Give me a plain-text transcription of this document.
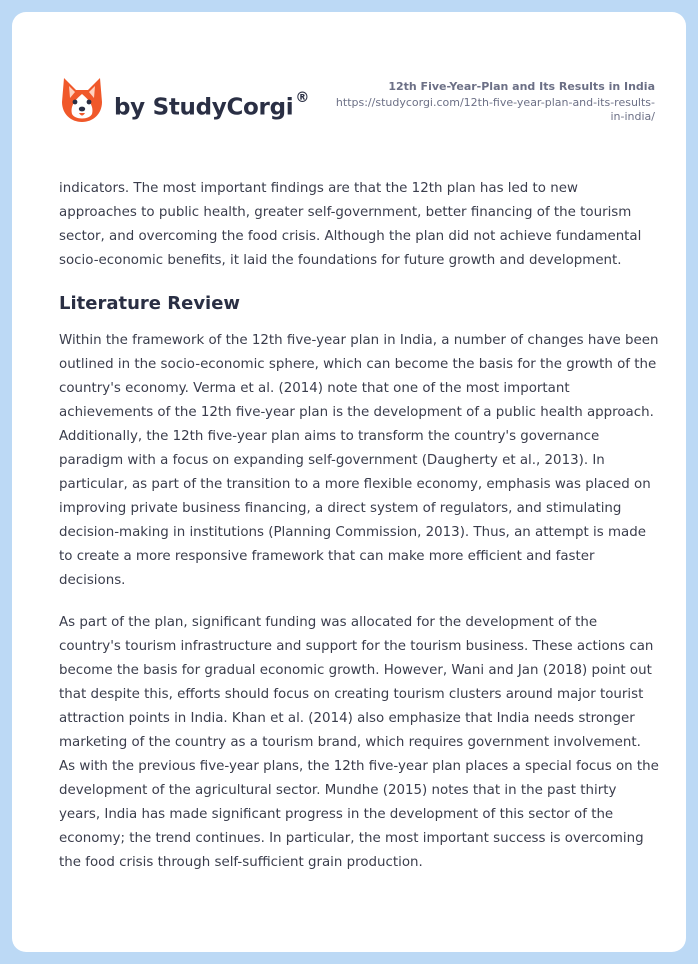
by StudyCorgi ®
12th Five-Year-Plan and Its Results in India
https://studycorgi.com/12th-five-year-plan-and-its-results-
in-india/

indicators. The most important findings are that the 12th plan has led to new approaches to public health, greater self-government, better financing of the tourism sector, and overcoming the food crisis. Although the plan did not achieve fundamental socio-economic benefits, it laid the foundations for future growth and development.

Literature Review

Within the framework of the 12th five-year plan in India, a number of changes have been outlined in the socio-economic sphere, which can become the basis for the growth of the country's economy. Verma et al. (2014) note that one of the most important achievements of the 12th five-year plan is the development of a public health approach. Additionally, the 12th five-year plan aims to transform the country's governance paradigm with a focus on expanding self-government (Daugherty et al., 2013). In particular, as part of the transition to a more flexible economy, emphasis was placed on improving private business financing, a direct system of regulators, and stimulating decision-making in institutions (Planning Commission, 2013). Thus, an attempt is made to create a more responsive framework that can make more efficient and faster decisions.

As part of the plan, significant funding was allocated for the development of the country's tourism infrastructure and support for the tourism business. These actions can become the basis for gradual economic growth. However, Wani and Jan (2018) point out that despite this, efforts should focus on creating tourism clusters around major tourist attraction points in India. Khan et al. (2014) also emphasize that India needs stronger marketing of the country as a tourism brand, which requires government involvement. As with the previous five-year plans, the 12th five-year plan places a special focus on the development of the agricultural sector. Mundhe (2015) notes that in the past thirty years, India has made significant progress in the development of this sector of the economy; the trend continues. In particular, the most important success is overcoming the food crisis through self-sufficient grain production.
